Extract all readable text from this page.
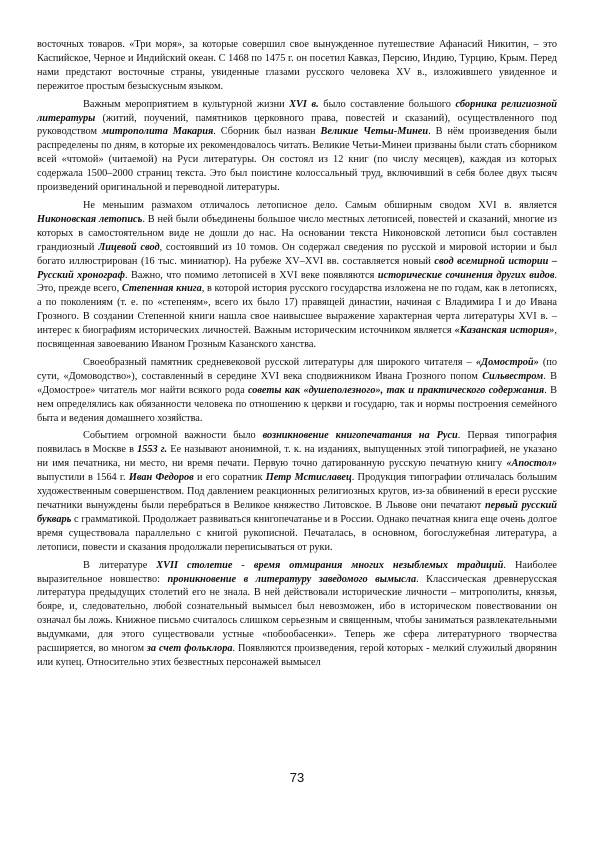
восточных товаров. «Три моря», за которые совершил свое вынужденное путешествие Афанасий Никитин, – это Каспийское, Черное и Индийский океан. С 1468 по 1475 г. он посетил Кавказ, Персию, Индию, Турцию, Крым. Перед нами предстают восточные страны, увиденные глазами русского человека XV в., изложившего увиденное и пережитое простым безыскусным языком.

Важным мероприятием в культурной жизни XVI в. было составление большого сборника религиозной литературы (житий, поучений, памятников церковного права, повестей и сказаний), осуществленного под руководством митрополита Макария. Сборник был назван Великие Четьи-Минеи. В нём произведения были распределены по дням, в которые их рекомендовалось читать. Великие Четьи-Минеи призваны были стать сборником всей «чтомой» (читаемой) на Руси литературы. Он состоял из 12 книг (по числу месяцев), каждая из которых содержала 1500–2000 страниц текста. Это был поистине колоссальный труд, включивший в себя более двух тысяч произведений оригинальной и переводной литературы.

Не меньшим размахом отличалось летописное дело. Самым обширным сводом XVI в. является Никоновская летопись. В ней были объединены большое число местных летописей, повестей и сказаний, многие из которых в самостоятельном виде не дошли до нас. На основании текста Никоновской летописи был составлен грандиозный Лицевой свод, состоявший из 10 томов. Он содержал сведения по русской и мировой истории и был богато иллюстрирован (16 тыс. миниатюр). На рубеже XV–XVI вв. составляется новый свод всемирной истории – Русский хронограф. Важно, что помимо летописей в XVI веке появляются исторические сочинения других видов. Это, прежде всего, Степенная книга, в которой история русского государства изложена не по годам, как в летописях, а по поколениям (т. е. по «степеням», всего их было 17) правящей династии, начиная с Владимира I и до Ивана Грозного. В создании Степенной книги нашла свое наивысшее выражение характерная черта литературы XVI в. – интерес к биографиям исторических личностей. Важным историческим источником является «Казанская история», посвященная завоеванию Иваном Грозным Казанского ханства.

Своеобразный памятник средневековой русской литературы для широкого читателя – «Домострой» (по сути, «Домоводство»), составленный в середине XVI века сподвижником Ивана Грозного попом Сильвестром. В «Домострое» читатель мог найти всякого рода советы как «душеполезного», так и практического содержания. В нем определялись как обязанности человека по отношению к церкви и государю, так и нормы построения семейного быта и ведения домашнего хозяйства.

Событием огромной важности было возникновение книгопечатания на Руси. Первая типография появилась в Москве в 1553 г. Ее называют анонимной, т. к. на изданиях, выпущенных этой типографией, не указано ни имя печатника, ни место, ни время печати. Первую точно датированную русскую печатную книгу «Апостол» выпустили в 1564 г. Иван Федоров и его соратник Петр Мстиславец. Продукция типографии отличалась большим художественным совершенством. Под давлением реакционных религиозных кругов, из-за обвинений в ереси русские печатники вынуждены были перебраться в Великое княжество Литовское. В Львове они печатают первый русский букварь с грамматикой. Продолжает развиваться книгопечатанье и в России. Однако печатная книга еще очень долгое время существовала параллельно с книгой рукописной. Печаталась, в основном, богослужебная литература, а летописи, повести и сказания продолжали переписываться от руки.

В литературе XVII столетие - время отмирания многих незыблемых традиций. Наиболее выразительное новшество: проникновение в литературу заведомого вымысла. Классическая древнерусская литература предыдущих столетий его не знала. В ней действовали исторические личности – митрополиты, князья, бояре, и, следовательно, любой сознательный вымысел был невозможен, ибо в историческом повествовании он означал бы ложь. Книжное письмо считалось слишком серьезным и священным, чтобы заниматься развлекательными выдумками, для этого существовали устные «побообасенки». Теперь же сфера литературного творчества расширяется, во многом за счет фольклора. Появляются произведения, герой которых - мелкий служилый дворянин или купец. Относительно этих безвестных персонажей вымысел

73
